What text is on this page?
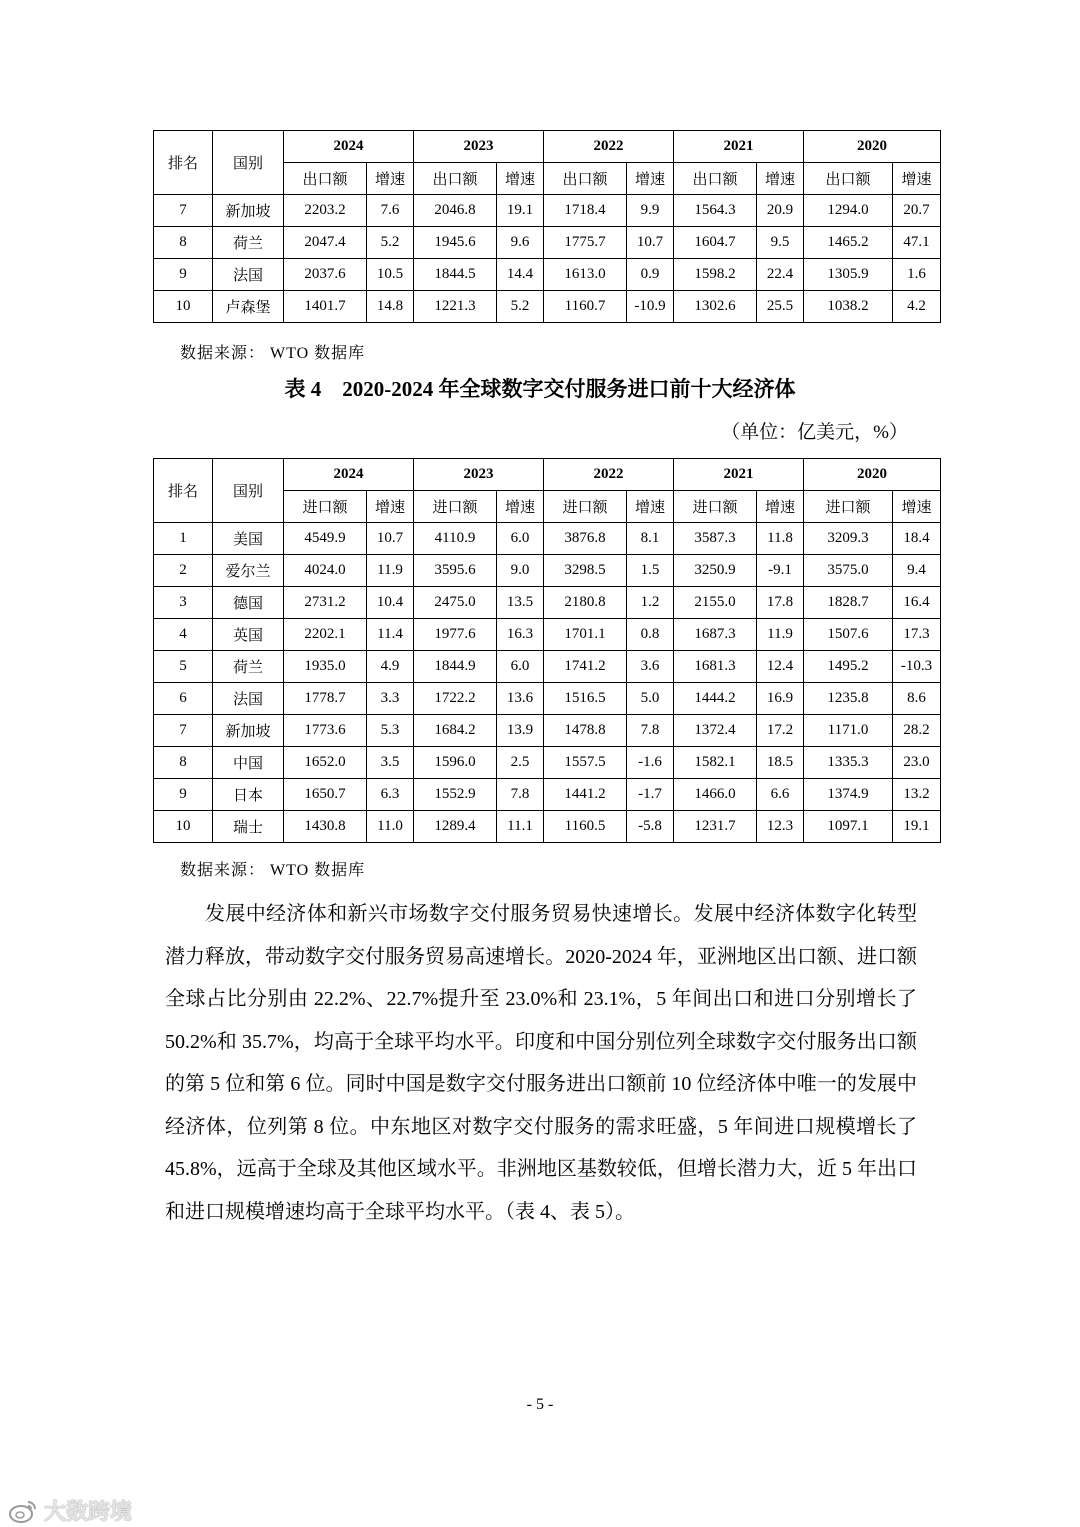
排名	国别	2024		2023		2022		2021		2020	
		出口额	增速	出口额	增速	出口额	增速	出口额	增速	出口额	增速
7	新加坡	2203.2	7.6	2046.8	19.1	1718.4	9.9	1564.3	20.9	1294.0	20.7
8	荷兰	2047.4	5.2	1945.6	9.6	1775.7	10.7	1604.7	9.5	1465.2	47.1
9	法国	2037.6	10.5	1844.5	14.4	1613.0	0.9	1598.2	22.4	1305.9	1.6
10	卢森堡	1401.7	14.8	1221.3	5.2	1160.7	-10.9	1302.6	25.5	1038.2	4.2
数据来源： WTO 数据库
表 4　2020-2024 年全球数字交付服务进口前十大经济体
（单位：亿美元，%）
排名	国别	2024		2023		2022		2021		2020	
		进口额	增速	进口额	增速	进口额	增速	进口额	增速	进口额	增速
1	美国	4549.9	10.7	4110.9	6.0	3876.8	8.1	3587.3	11.8	3209.3	18.4
2	爱尔兰	4024.0	11.9	3595.6	9.0	3298.5	1.5	3250.9	-9.1	3575.0	9.4
3	德国	2731.2	10.4	2475.0	13.5	2180.8	1.2	2155.0	17.8	1828.7	16.4
4	英国	2202.1	11.4	1977.6	16.3	1701.1	0.8	1687.3	11.9	1507.6	17.3
5	荷兰	1935.0	4.9	1844.9	6.0	1741.2	3.6	1681.3	12.4	1495.2	-10.3
6	法国	1778.7	3.3	1722.2	13.6	1516.5	5.0	1444.2	16.9	1235.8	8.6
7	新加坡	1773.6	5.3	1684.2	13.9	1478.8	7.8	1372.4	17.2	1171.0	28.2
8	中国	1652.0	3.5	1596.0	2.5	1557.5	-1.6	1582.1	18.5	1335.3	23.0
9	日本	1650.7	6.3	1552.9	7.8	1441.2	-1.7	1466.0	6.6	1374.9	13.2
10	瑞士	1430.8	11.0	1289.4	11.1	1160.5	-5.8	1231.7	12.3	1097.1	19.1
数据来源： WTO 数据库

发展中经济体和新兴市场数字交付服务贸易快速增长。发展中经济体数字化转型潜力释放，带动数字交付服务贸易高速增长。2020-2024 年，亚洲地区出口额、进口额全球占比分别由 22.2%、22.7%提升至 23.0%和 23.1%，5 年间出口和进口分别增长了 50.2%和 35.7%，均高于全球平均水平。印度和中国分别位列全球数字交付服务出口额的第 5 位和第 6 位。同时中国是数字交付服务进出口额前 10 位经济体中唯一的发展中经济体，位列第 8 位。中东地区对数字交付服务的需求旺盛，5 年间进口规模增长了 45.8%，远高于全球及其他区域水平。非洲地区基数较低，但增长潜力大，近 5 年出口和进口规模增速均高于全球平均水平。（表 4、表 5）。

- 5 -
大数跨境
